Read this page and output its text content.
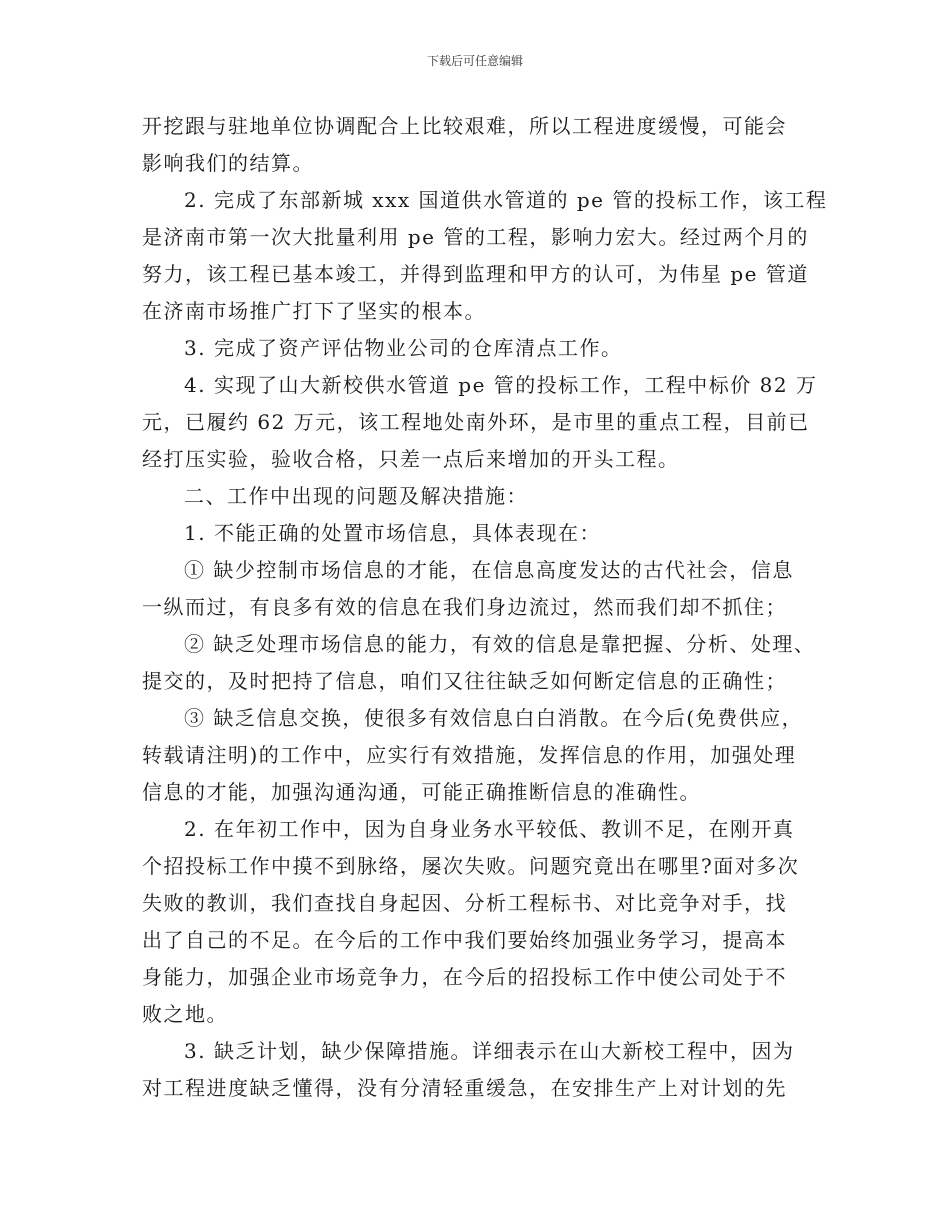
下载后可任意编辑

开挖跟与驻地单位协调配合上比较艰难，所以工程进度缓慢，可能会
影响我们的结算。

2. 完成了东部新城 xxx 国道供水管道的 pe 管的投标工作，该工程
是济南市第一次大批量利用 pe 管的工程，影响力宏大。经过两个月的
努力，该工程已基本竣工，并得到监理和甲方的认可，为伟星 pe 管道
在济南市场推广打下了坚实的根本。

3. 完成了资产评估物业公司的仓库清点工作。

4. 实现了山大新校供水管道 pe 管的投标工作，工程中标价 82 万
元，已履约 62 万元，该工程地处南外环，是市里的重点工程，目前已
经打压实验，验收合格，只差一点后来增加的开头工程。

二、工作中出现的问题及解决措施：

1. 不能正确的处置市场信息，具体表现在：

① 缺少控制市场信息的才能，在信息高度发达的古代社会，信息
一纵而过，有良多有效的信息在我们身边流过，然而我们却不抓住；

② 缺乏处理市场信息的能力，有效的信息是靠把握、分析、处理、
提交的，及时把持了信息，咱们又往往缺乏如何断定信息的正确性；

③ 缺乏信息交换，使很多有效信息白白消散。在今后(免费供应，
转载请注明)的工作中，应实行有效措施，发挥信息的作用，加强处理
信息的才能，加强沟通沟通，可能正确推断信息的准确性。

2. 在年初工作中，因为自身业务水平较低、教训不足，在刚开真
个招投标工作中摸不到脉络，屡次失败。问题究竟出在哪里?面对多次
失败的教训，我们查找自身起因、分析工程标书、对比竞争对手，找
出了自己的不足。在今后的工作中我们要始终加强业务学习，提高本
身能力，加强企业市场竞争力，在今后的招投标工作中使公司处于不
败之地。

3. 缺乏计划，缺少保障措施。详细表示在山大新校工程中，因为
对工程进度缺乏懂得，没有分清轻重缓急，在安排生产上对计划的先
